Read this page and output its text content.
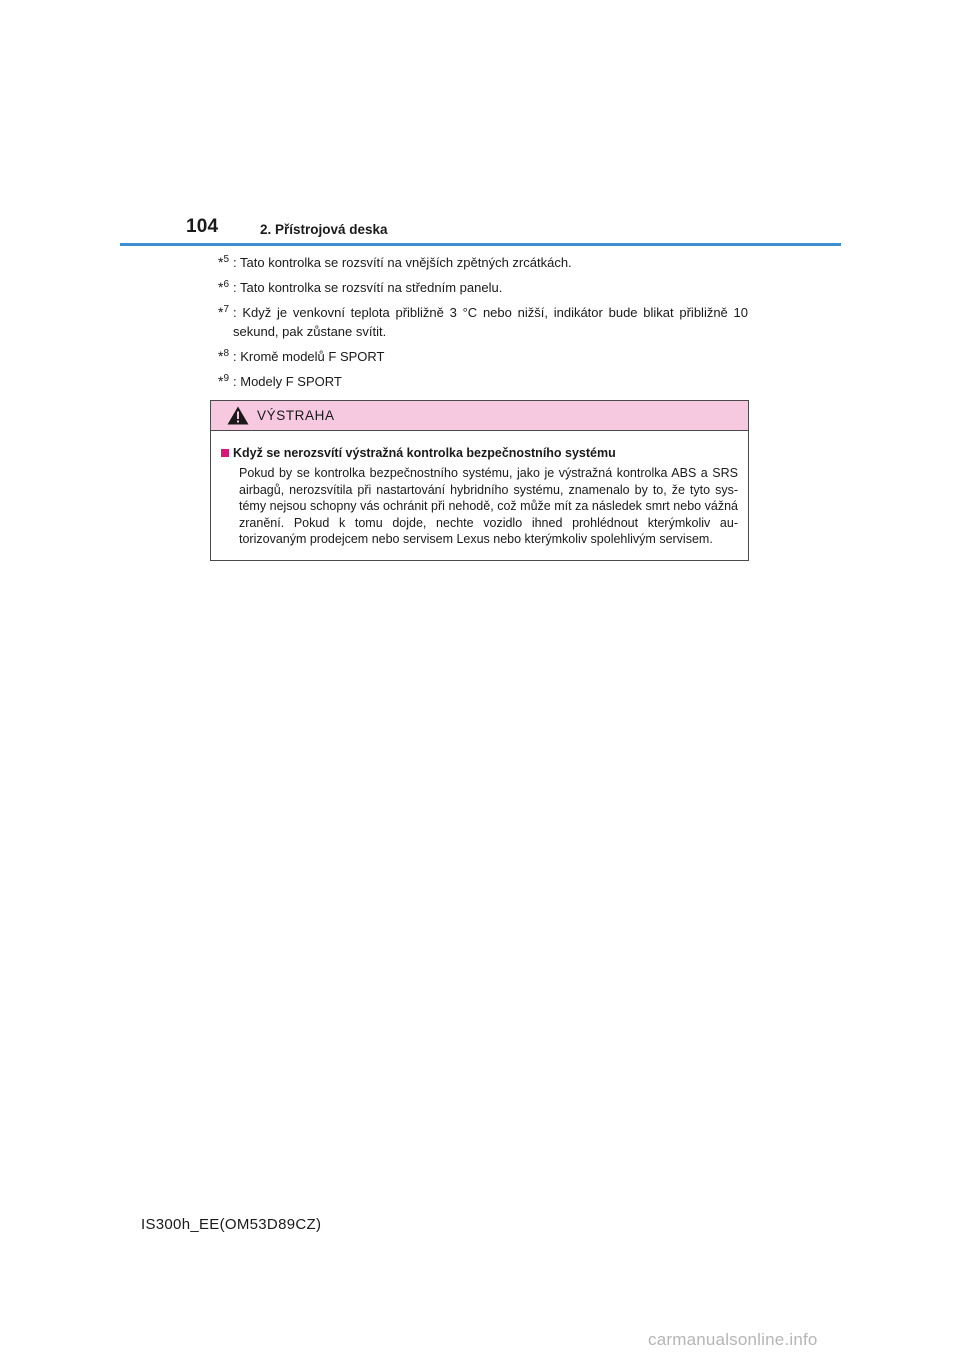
104	2. Přístrojová deska
*$^5$ : Tato kontrolka se rozsvítí na vnějších zpětných zrcátkách.
*$^6$ : Tato kontrolka se rozsvítí na středním panelu.
*$^7$ : Když je venkovní teplota přibližně 3 °C nebo nižší, indikátor bude blikat přibližně 10 sekund, pak zůstane svítit.
*$^8$ : Kromě modelů F SPORT
*$^9$ : Modely F SPORT
VÝSTRAHA
Když se nerozsvítí výstražná kontrolka bezpečnostního systému
Pokud by se kontrolka bezpečnostního systému, jako je výstražná kontrolka ABS a SRS airbagů, nerozsvítila při nastartování hybridního systému, znamenalo by to, že tyto sys-témy nejsou schopny vás ochránit při nehodě, což může mít za následek smrt nebo vážná zranění. Pokud k tomu dojde, nechte vozidlo ihned prohlédnout kterýmkoliv au-torizovaným prodejcem nebo servisem Lexus nebo kterýmkoliv spolehlivým servisem.
IS300h_EE(OM53D89CZ)
carmanualsonline.info
